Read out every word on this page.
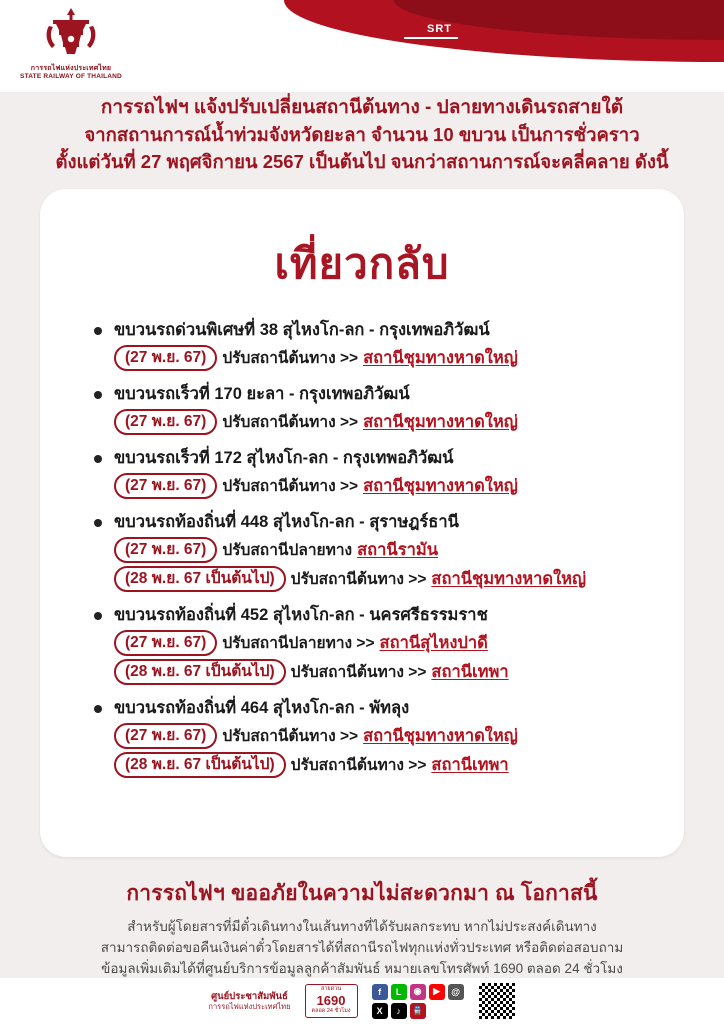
SRT
การรถไฟแห่งประเทศไทย
STATE RAILWAY OF THAILAND
การรถไฟฯ แจ้งปรับเปลี่ยนสถานีต้นทาง - ปลายทางเดินรถสายใต้
จากสถานการณ์น้ำท่วมจังหวัดยะลา จำนวน 10 ขบวน เป็นการชั่วคราว
ตั้งแต่วันที่ 27 พฤศจิกายน 2567 เป็นต้นไป จนกว่าสถานการณ์จะคลี่คลาย ดังนี้
เที่ยวกลับ
ขบวนรถด่วนพิเศษที่ 38 สุไหงโก-ลก - กรุงเทพอภิวัฒน์
(27 พ.ย. 67)	ปรับสถานีต้นทาง >> สถานีชุมทางหาดใหญ่
ขบวนรถเร็วที่ 170 ยะลา - กรุงเทพอภิวัฒน์
(27 พ.ย. 67)	ปรับสถานีต้นทาง >> สถานีชุมทางหาดใหญ่
ขบวนรถเร็วที่ 172 สุไหงโก-ลก - กรุงเทพอภิวัฒน์
(27 พ.ย. 67)	ปรับสถานีต้นทาง >> สถานีชุมทางหาดใหญ่
ขบวนรถท้องถิ่นที่ 448 สุไหงโก-ลก - สุราษฎร์ธานี
(27 พ.ย. 67)	ปรับสถานีปลายทาง สถานีรามัน
(28 พ.ย. 67 เป็นต้นไป)	ปรับสถานีต้นทาง >> สถานีชุมทางหาดใหญ่
ขบวนรถท้องถิ่นที่ 452 สุไหงโก-ลก - นครศรีธรรมราช
(27 พ.ย. 67)	ปรับสถานีปลายทาง >> สถานีสุไหงปาดี
(28 พ.ย. 67 เป็นต้นไป)	ปรับสถานีต้นทาง >> สถานีเทพา
ขบวนรถท้องถิ่นที่ 464 สุไหงโก-ลก - พัทลุง
(27 พ.ย. 67)	ปรับสถานีต้นทาง >> สถานีชุมทางหาดใหญ่
(28 พ.ย. 67 เป็นต้นไป)	ปรับสถานีต้นทาง >> สถานีเทพา
การรถไฟฯ ขออภัยในความไม่สะดวกมา ณ โอกาสนี้
สำหรับผู้โดยสารที่มีตั๋วเดินทางในเส้นทางที่ได้รับผลกระทบ หากไม่ประสงค์เดินทาง
สามารถติดต่อขอคืนเงินค่าตั๋วโดยสารได้ที่สถานีรถไฟทุกแห่งทั่วประเทศ หรือติดต่อสอบถาม
ข้อมูลเพิ่มเติมได้ที่ศูนย์บริการข้อมูลลูกค้าสัมพันธ์ หมายเลขโทรศัพท์ 1690 ตลอด 24 ชั่วโมง
ศูนย์ประชาสัมพันธ์
การรถไฟแห่งประเทศไทย
สายด่วน
1690
ตลอด 24 ชั่วโมง
f	L	◉	▶	@
X	♪	🚆
